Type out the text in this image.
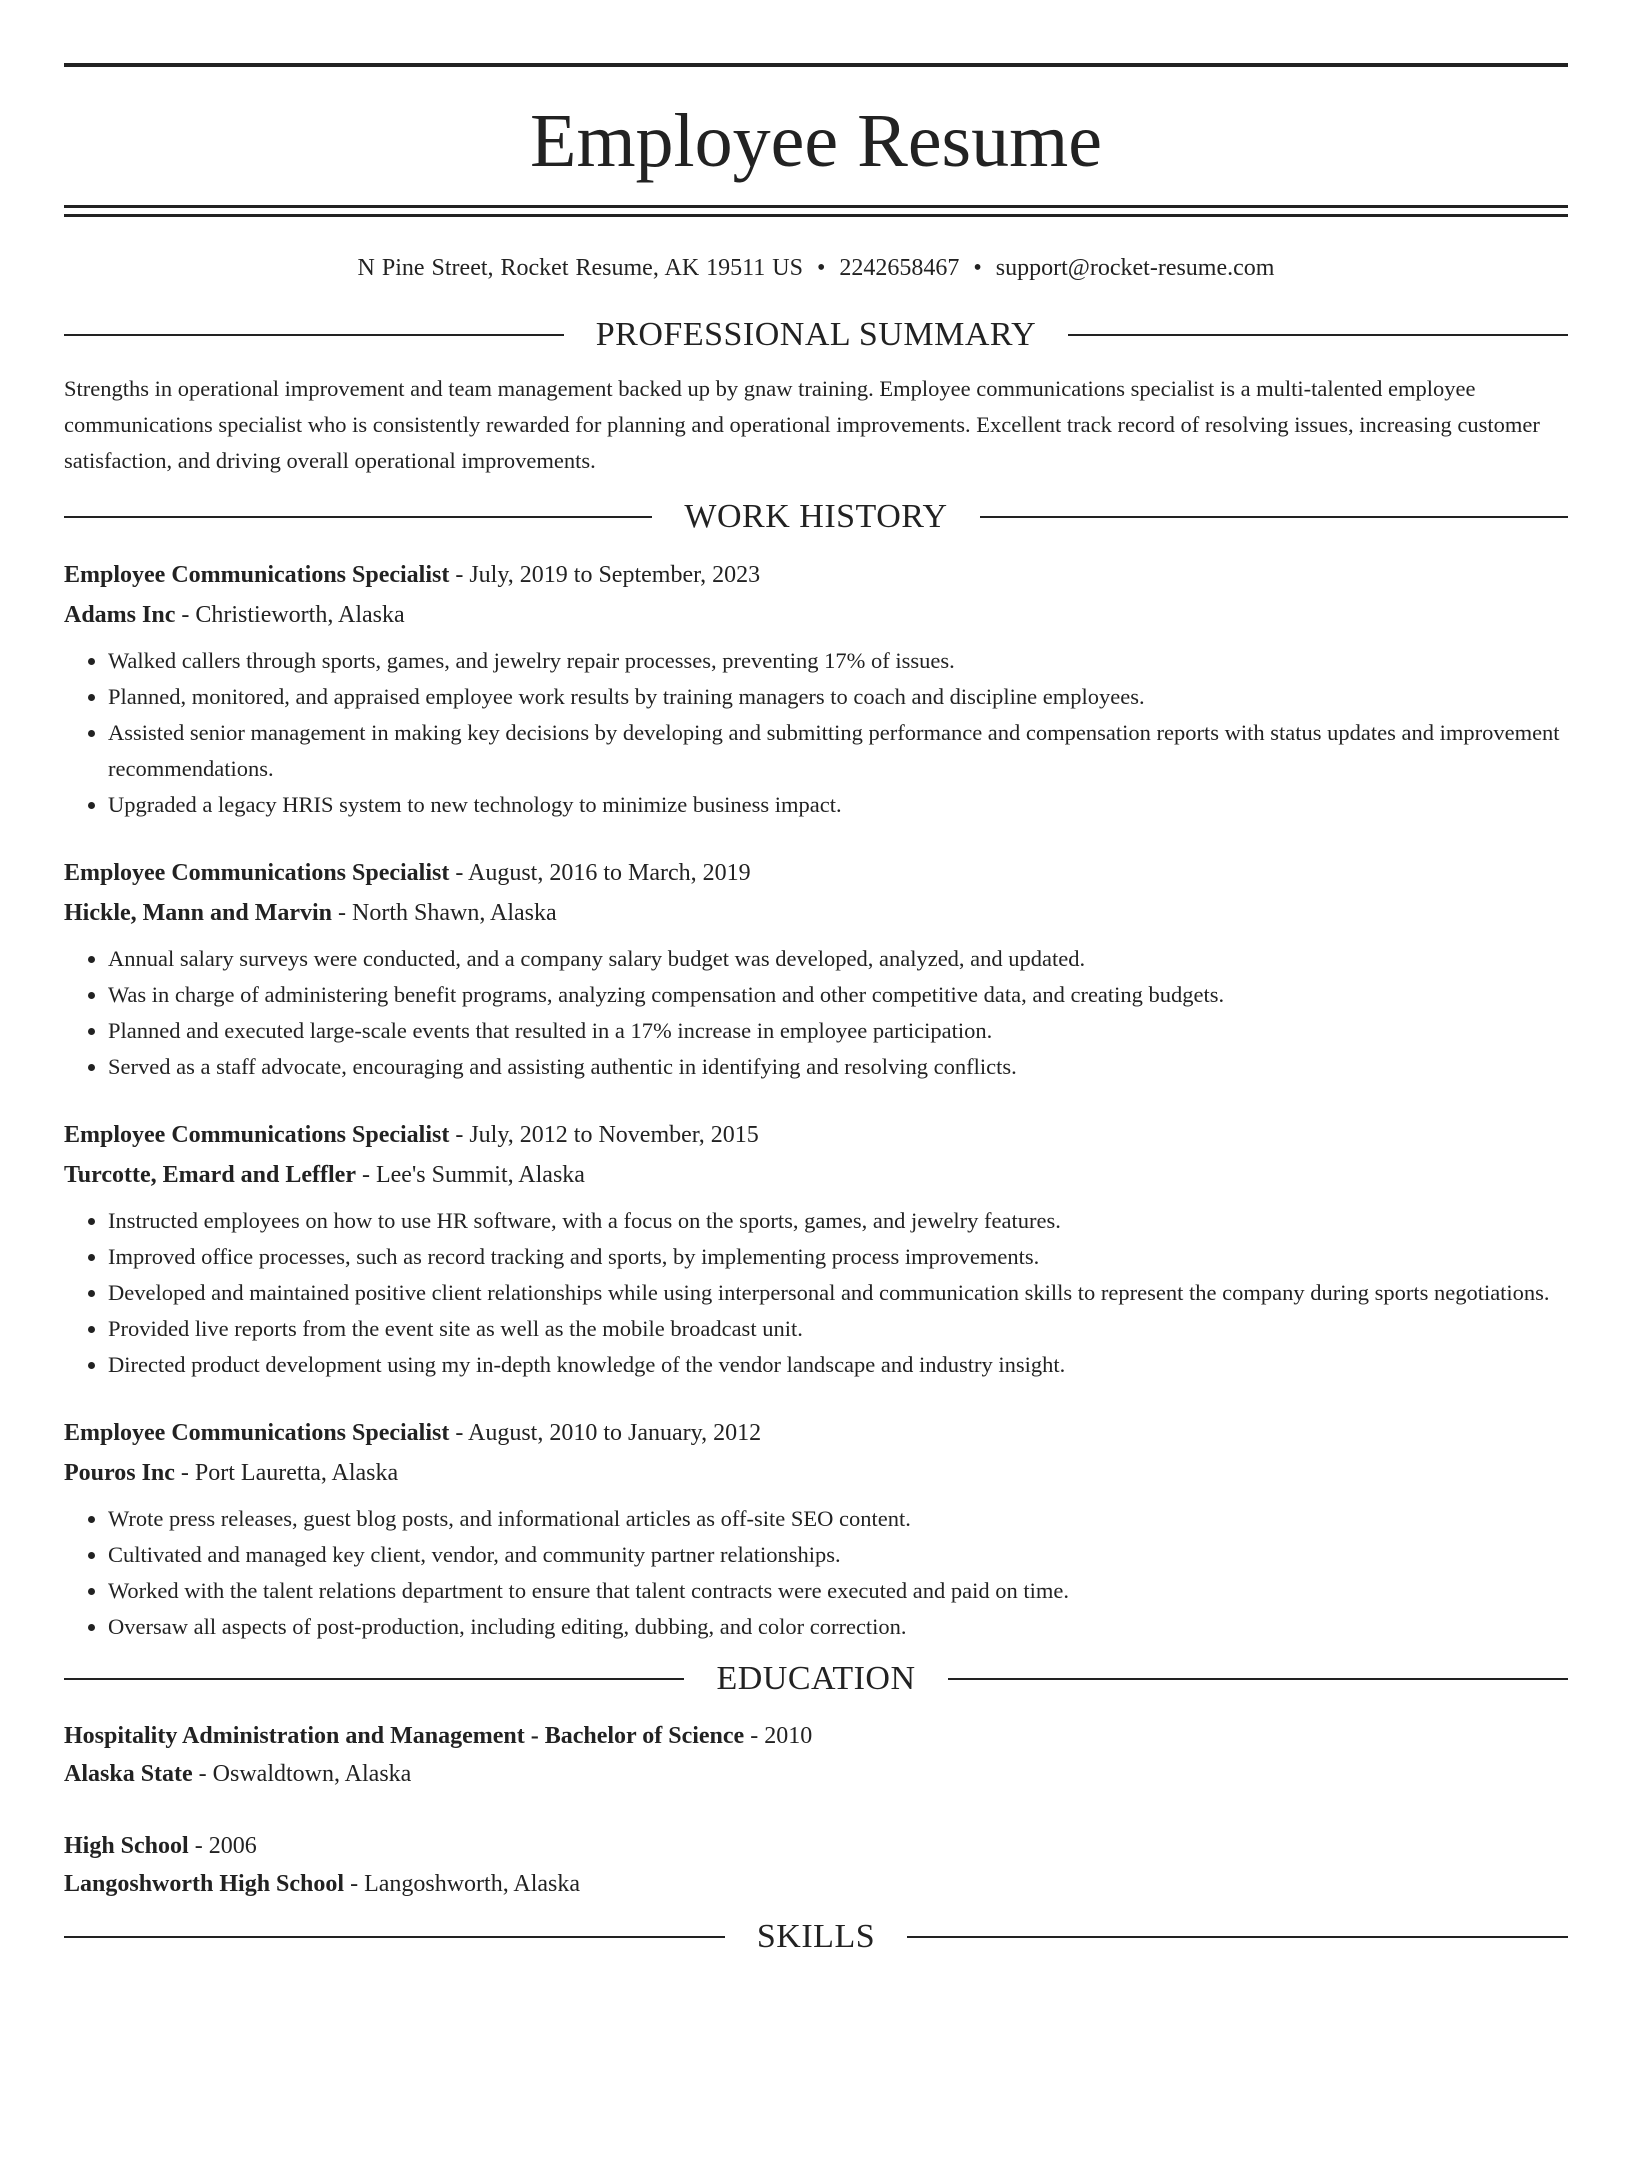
Employee Resume
N Pine Street, Rocket Resume, AK 19511 US • 2242658467 • support@rocket-resume.com
PROFESSIONAL SUMMARY

Strengths in operational improvement and team management backed up by gnaw training. Employee communications specialist is a multi-talented employee communications specialist who is consistently rewarded for planning and operational improvements. Excellent track record of resolving issues, increasing customer satisfaction, and driving overall operational improvements.

WORK HISTORY
Employee Communications Specialist - July, 2019 to September, 2023
Adams Inc - Christieworth, Alaska
• Walked callers through sports, games, and jewelry repair processes, preventing 17% of issues.
• Planned, monitored, and appraised employee work results by training managers to coach and discipline employees.
• Assisted senior management in making key decisions by developing and submitting performance and compensation reports with status updates and improvement recommendations.
• Upgraded a legacy HRIS system to new technology to minimize business impact.
Employee Communications Specialist - August, 2016 to March, 2019
Hickle, Mann and Marvin - North Shawn, Alaska
• Annual salary surveys were conducted, and a company salary budget was developed, analyzed, and updated.
• Was in charge of administering benefit programs, analyzing compensation and other competitive data, and creating budgets.
• Planned and executed large-scale events that resulted in a 17% increase in employee participation.
• Served as a staff advocate, encouraging and assisting authentic in identifying and resolving conflicts.
Employee Communications Specialist - July, 2012 to November, 2015
Turcotte, Emard and Leffler - Lee's Summit, Alaska
• Instructed employees on how to use HR software, with a focus on the sports, games, and jewelry features.
• Improved office processes, such as record tracking and sports, by implementing process improvements.
• Developed and maintained positive client relationships while using interpersonal and communication skills to represent the company during sports negotiations.
• Provided live reports from the event site as well as the mobile broadcast unit.
• Directed product development using my in-depth knowledge of the vendor landscape and industry insight.
Employee Communications Specialist - August, 2010 to January, 2012
Pouros Inc - Port Lauretta, Alaska
• Wrote press releases, guest blog posts, and informational articles as off-site SEO content.
• Cultivated and managed key client, vendor, and community partner relationships.
• Worked with the talent relations department to ensure that talent contracts were executed and paid on time.
• Oversaw all aspects of post-production, including editing, dubbing, and color correction.
EDUCATION
Hospitality Administration and Management - Bachelor of Science - 2010
Alaska State - Oswaldtown, Alaska
High School - 2006
Langoshworth High School - Langoshworth, Alaska
SKILLS
